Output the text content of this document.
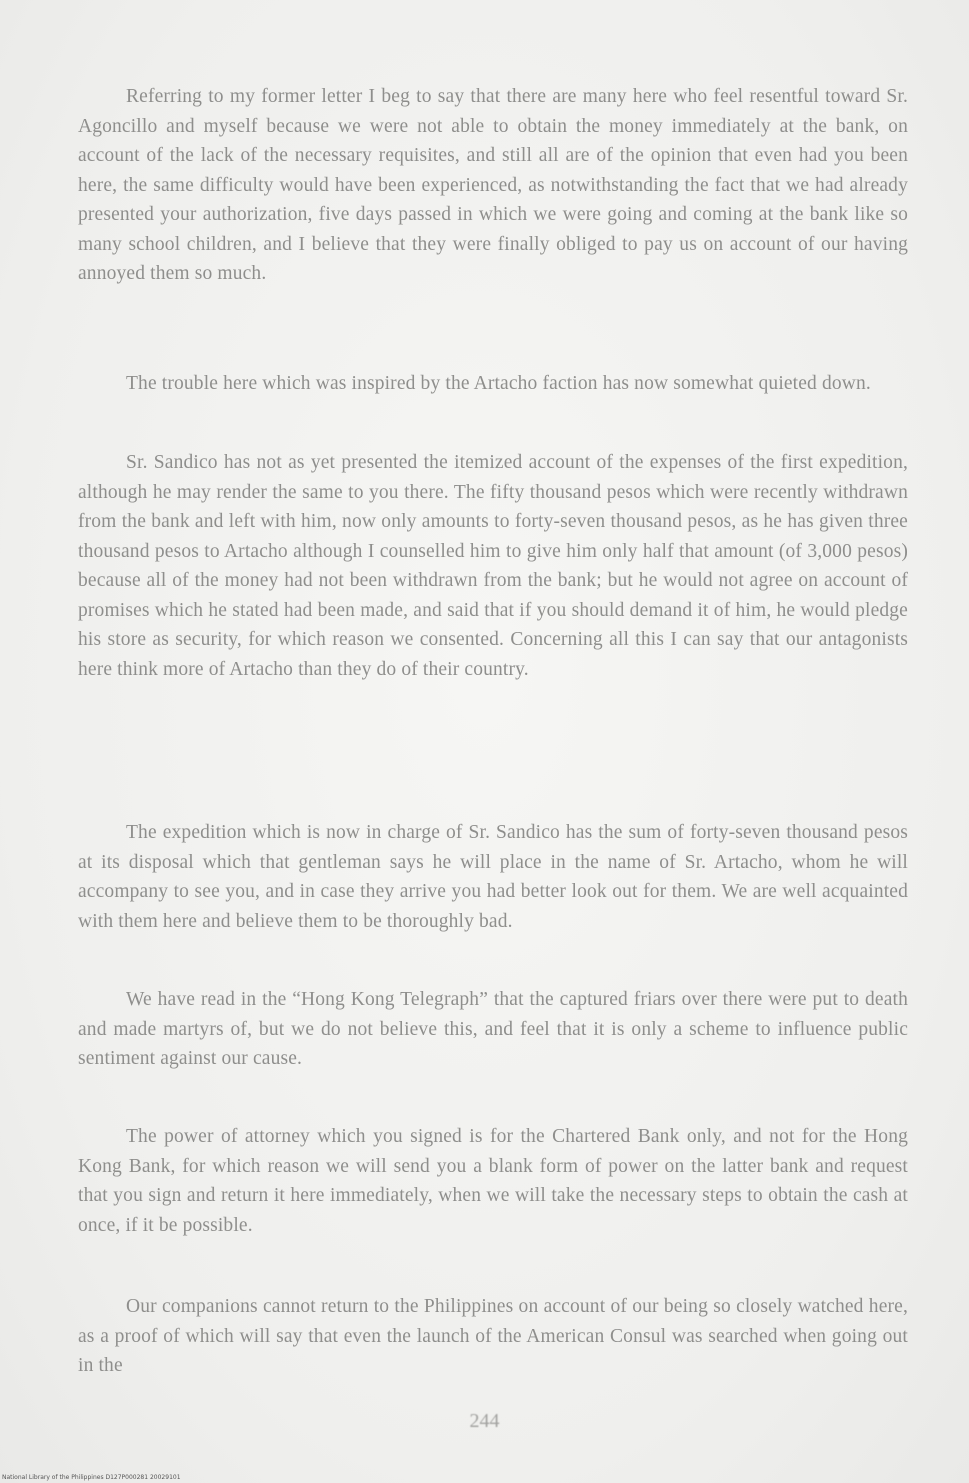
Referring to my former letter I beg to say that there are many here who feel resentful toward Sr. Agoncillo and myself because we were not able to obtain the money immediately at the bank, on account of the lack of the necessary requisites, and still all are of the opinion that even had you been here, the same difficulty would have been experienced, as notwithstanding the fact that we had already presented your authorization, five days passed in which we were going and coming at the bank like so many school children, and I believe that they were finally obliged to pay us on account of our having annoyed them so much.

The trouble here which was inspired by the Artacho faction has now somewhat quieted down.

Sr. Sandico has not as yet presented the itemized account of the expenses of the first expedition, although he may render the same to you there. The fifty thousand pesos which were recently withdrawn from the bank and left with him, now only amounts to forty-seven thousand pesos, as he has given three thousand pesos to Artacho although I counselled him to give him only half that amount (of 3,000 pesos) because all of the money had not been withdrawn from the bank; but he would not agree on account of promises which he stated had been made, and said that if you should demand it of him, he would pledge his store as security, for which reason we consented. Concerning all this I can say that our antagonists here think more of Artacho than they do of their country.

The expedition which is now in charge of Sr. Sandico has the sum of forty-seven thousand pesos at its disposal which that gentleman says he will place in the name of Sr. Artacho, whom he will accompany to see you, and in case they arrive you had better look out for them. We are well acquainted with them here and believe them to be thoroughly bad.

We have read in the “Hong Kong Telegraph” that the captured friars over there were put to death and made martyrs of, but we do not believe this, and feel that it is only a scheme to influence public sentiment against our cause.

The power of attorney which you signed is for the Chartered Bank only, and not for the Hong Kong Bank, for which reason we will send you a blank form of power on the latter bank and request that you sign and return it here immediately, when we will take the necessary steps to obtain the cash at once, if it be possible.

Our companions cannot return to the Philippines on account of our being so closely watched here, as a proof of which will say that even the launch of the American Consul was searched when going out in the

244
National Library of the Philippines D127P000281 20029101
